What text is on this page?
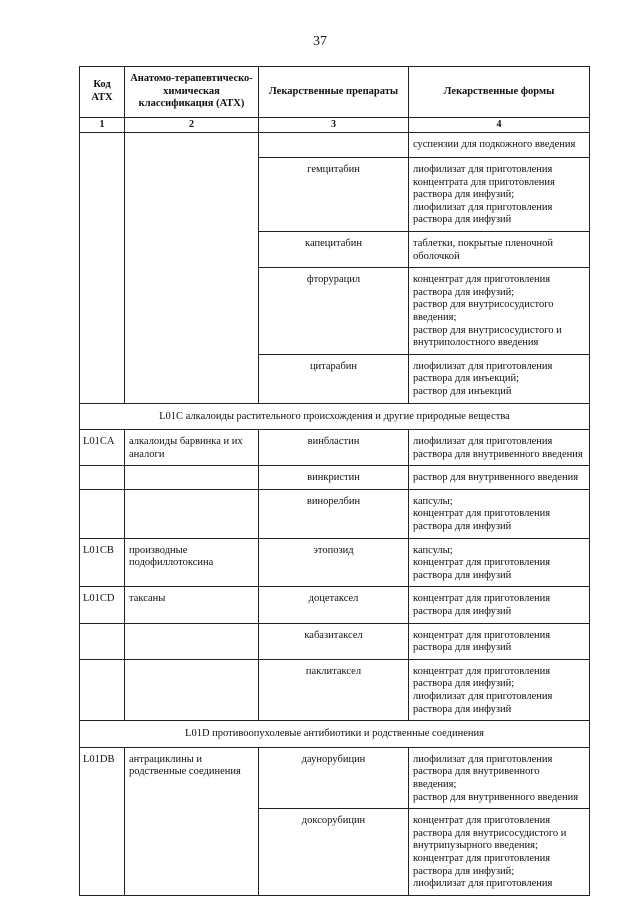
37
Код АТХ	Анатомо-терапевтическо-химическая классификация (АТХ)	Лекарственные препараты	Лекарственные формы
1	2	3	4

			суспензии для подкожного введения

		гемцитабин	лиофилизат для приготовления концентрата для приготовления раствора для инфузий;
лиофилизат для приготовления раствора для инфузий

		капецитабин	таблетки, покрытые пленочной оболочкой

		фторурацил	концентрат для приготовления раствора для инфузий;
раствор для внутрисосудистого введения;
раствор для внутрисосудистого и внутриполостного введения

		цитарабин	лиофилизат для приготовления раствора для инъекций;
раствор для инъекций

L01C алкалоиды растительного происхождения и другие природные вещества			
L01CA	алкалоиды барвинка и их аналоги	винбластин	лиофилизат для приготовления раствора для внутривенного введения

		винкристин	раствор для внутривенного введения

		винорелбин	капсулы;
концентрат для приготовления раствора для инфузий

L01CB	производные подофиллотоксина	этопозид	капсулы;
концентрат для приготовления раствора для инфузий

L01CD	таксаны	доцетаксел	концентрат для приготовления раствора для инфузий

		кабазитаксел	концентрат для приготовления раствора для инфузий

		паклитаксел	концентрат для приготовления раствора для инфузий;
лиофилизат для приготовления раствора для инфузий

L01D противоопухолевые антибиотики и родственные соединения			
L01DB	антрациклины и родственные соединения	даунорубицин	лиофилизат для приготовления раствора для внутривенного введения;
раствор для внутривенного введения

		доксорубицин	концентрат для приготовления раствора для внутрисосудистого и внутрипузырного введения;
концентрат для приготовления раствора для инфузий;
лиофилизат для приготовления
